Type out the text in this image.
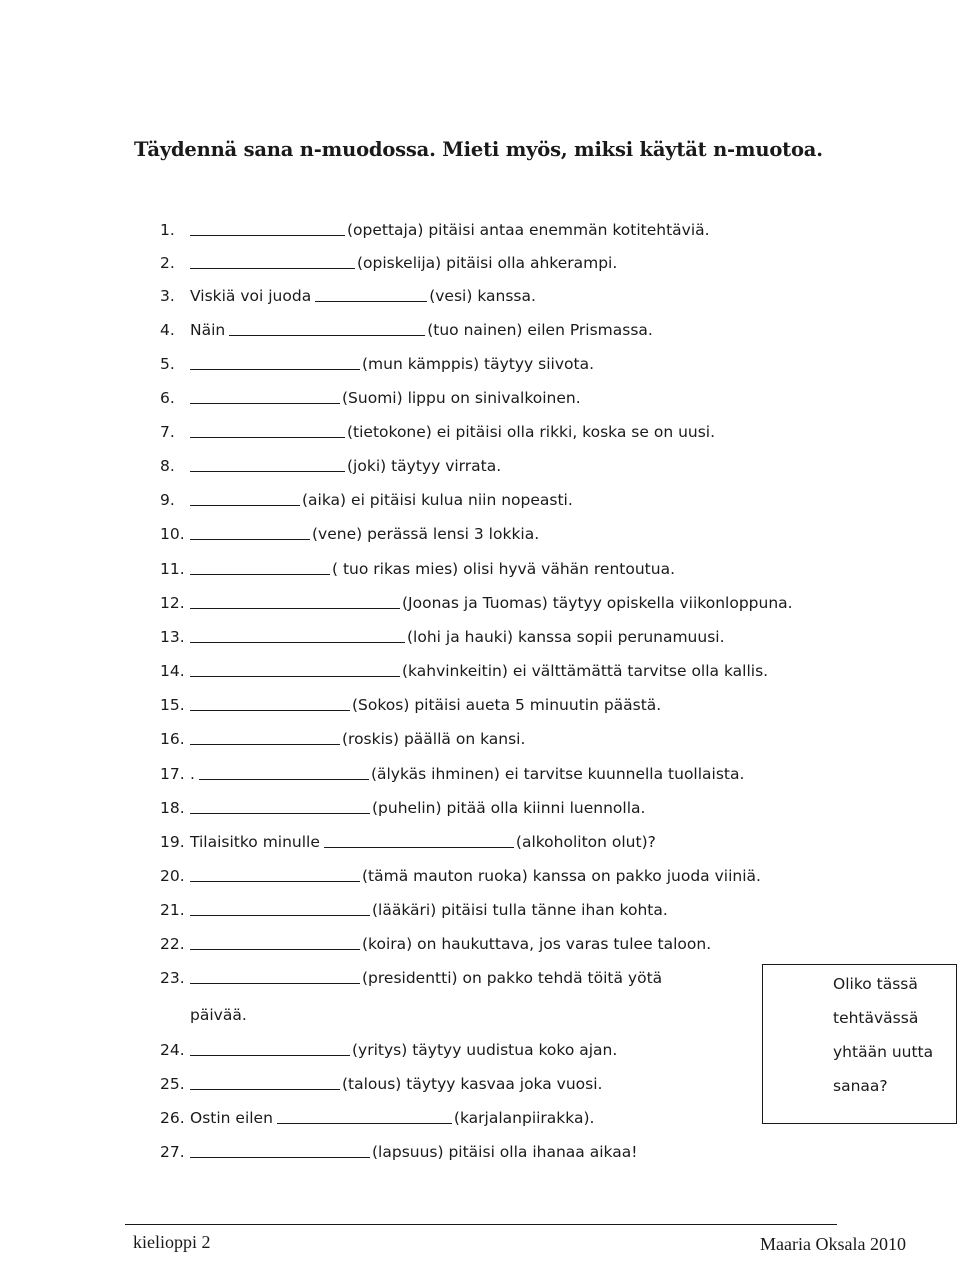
Täydennä sana n-muodossa. Mieti myös, miksi käytät n-muotoa.
1.	(opettaja) pitäisi antaa enemmän kotitehtäviä.
2.	(opiskelija) pitäisi olla ahkerampi.
3. Viskiä voi juoda	(vesi) kanssa.
4. Näin	(tuo nainen) eilen Prismassa.
5.	(mun kämppis) täytyy siivota.
6.	(Suomi) lippu on sinivalkoinen.
7.	(tietokone) ei pitäisi olla rikki, koska se on uusi.
8.	(joki) täytyy virrata.
9.	(aika) ei pitäisi kulua niin nopeasti.
10.	(vene) perässä lensi 3 lokkia.
11.	( tuo rikas mies) olisi hyvä vähän rentoutua.
12.	(Joonas ja Tuomas) täytyy opiskella viikonloppuna.
13.	(lohi ja hauki) kanssa sopii perunamuusi.
14.	(kahvinkeitin) ei välttämättä tarvitse olla kallis.
15.	(Sokos) pitäisi aueta 5 minuutin päästä.
16.	(roskis) päällä on kansi.
17. .	(älykäs ihminen) ei tarvitse kuunnella tuollaista.
18.	(puhelin) pitää olla kiinni luennolla.
19. Tilaisitko minulle	(alkoholiton olut)?
20.	(tämä mauton ruoka) kanssa on pakko juoda viiniä.
21.	(lääkäri) pitäisi tulla tänne ihan kohta.
22.	(koira) on haukuttava, jos varas tulee taloon.
23.	(presidentti) on pakko tehdä töitä yötä
24.	(yritys) täytyy uudistua koko ajan.
25.	(talous) täytyy kasvaa joka vuosi.
26. Ostin eilen	(karjalanpiirakka).
27.	(lapsuus) pitäisi olla ihanaa aikaa!
päivää.
Oliko tässä
tehtävässä
yhtään uutta
sanaa?
kielioppi 2	Maaria Oksala 2010
